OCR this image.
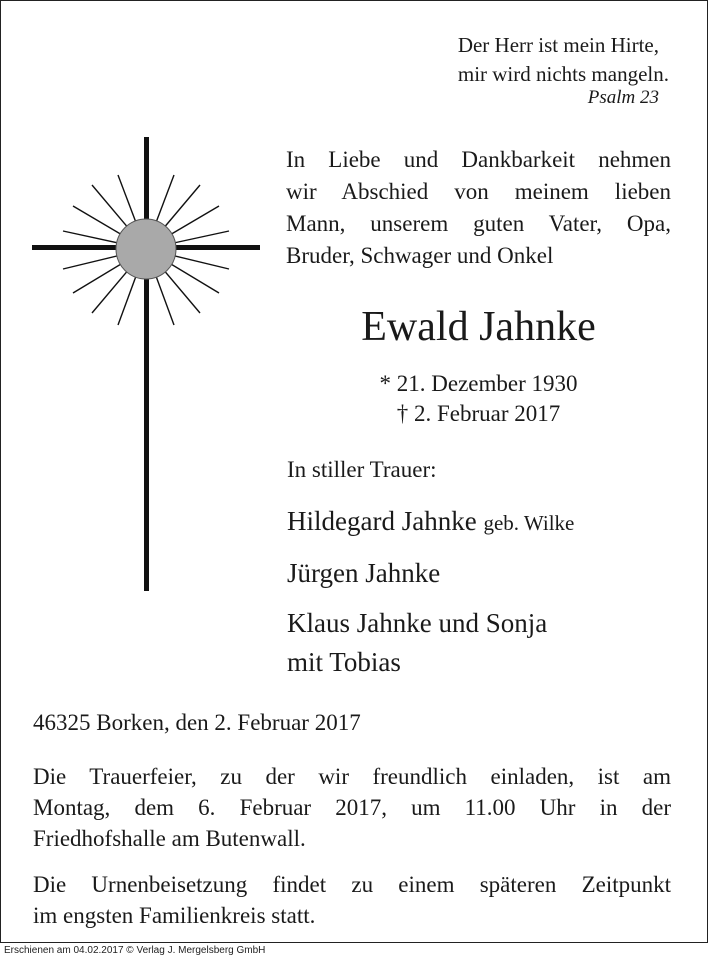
Der Herr ist mein Hirte,
mir wird nichts mangeln.
Psalm 23
In Liebe und Dankbarkeit nehmen
wir Abschied von meinem lieben
Mann, unserem guten Vater, Opa,
Bruder, Schwager und Onkel
Ewald Jahnke
* 21. Dezember 1930
† 2. Februar 2017
In stiller Trauer:
Hildegard Jahnke geb. Wilke
Jürgen Jahnke
Klaus Jahnke und Sonja
mit Tobias
46325 Borken, den 2. Februar 2017
Die Trauerfeier, zu der wir freundlich einladen, ist am
Montag, dem 6. Februar 2017, um 11.00 Uhr in der
Friedhofshalle am Butenwall.
Die Urnenbeisetzung findet zu einem späteren Zeitpunkt
im engsten Familienkreis statt.
Erschienen am 04.02.2017 © Verlag J. Mergelsberg GmbH
